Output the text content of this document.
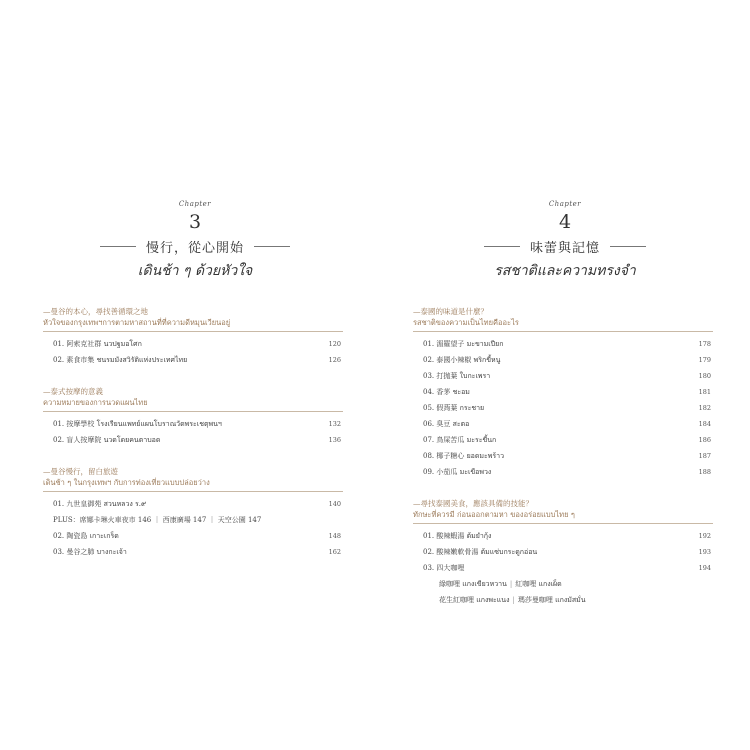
Chapter
3
慢行，從心開始
เดินช้า ๆ ด้วยหัวใจ
—曼谷的本心，尋找善循環之地
หัวใจของกรุงเทพฯการตามหาสถานที่ที่ความดีหมุนเวียนอยู่
01. 阿索克社群 นวปฐมอโศก	120
02. 素食市集 ชนรมมังสวิรัติแห่งประเทศไทย	126
—泰式按摩的意義
ความหมายของการนวดแผนไทย
01. 按摩學校 โรงเรียนแพทย์แผนโบราณวัดพระเชตุพนฯ	132
02. 盲人按摩院 นวดโดยคนตาบอด	136
—曼谷慢行，留白旅遊
เดินช้า ๆ ในกรุงเทพฯ กับการท่องเที่ยวแบบปล่อยว่าง
01. 九世皇御苑 สวนหลวง ร.๙	140
PLUS：席娜卡琳火車夜市 146 ｜ 西康廣場 147 ｜ 天空公園 147
02. 陶瓷島 เกาะเกร็ด	148
03. 曼谷之肺 บางกะเจ้า	162
Chapter
4
味蕾與記憶
รสชาติและความทรงจำ
—泰國的味道是什麼？
รสชาติของความเป็นไทยคืออะไร
01. 湄羅望子 มะขามเปียก	178
02. 泰國小辣椒 พริกขี้หนู	179
03. 打抛葉 ใบกะเพรา	180
04. 香茅 ชะอม	181
05. 假蒟葉 กระชาย	182
06. 臭豆 สะตอ	184
07. 鳥屎苦瓜 มะระขี้นก	186
08. 椰子糖心 ยอดมะพร้าว	187
09. 小茄瓜 มะเขือพวง	188
—尋找泰國美食，應該具備的技能？
ทักษะที่ควรมี ก่อนออกตามหา ของอร่อยแบบไทย ๆ
01. 酸辣蝦湯 ต้มยำกุ้ง	192
02. 酸辣嫩軟骨湯 ต้มแซ่บกระดูกอ่อน	193
03. 四大咖哩	194
綠咖哩 แกงเขียวหวาน | 紅咖哩 แกงเผ็ด
花生紅咖哩 แกงพะแนง | 瑪莎曼咖哩 แกงมัสมั่น
